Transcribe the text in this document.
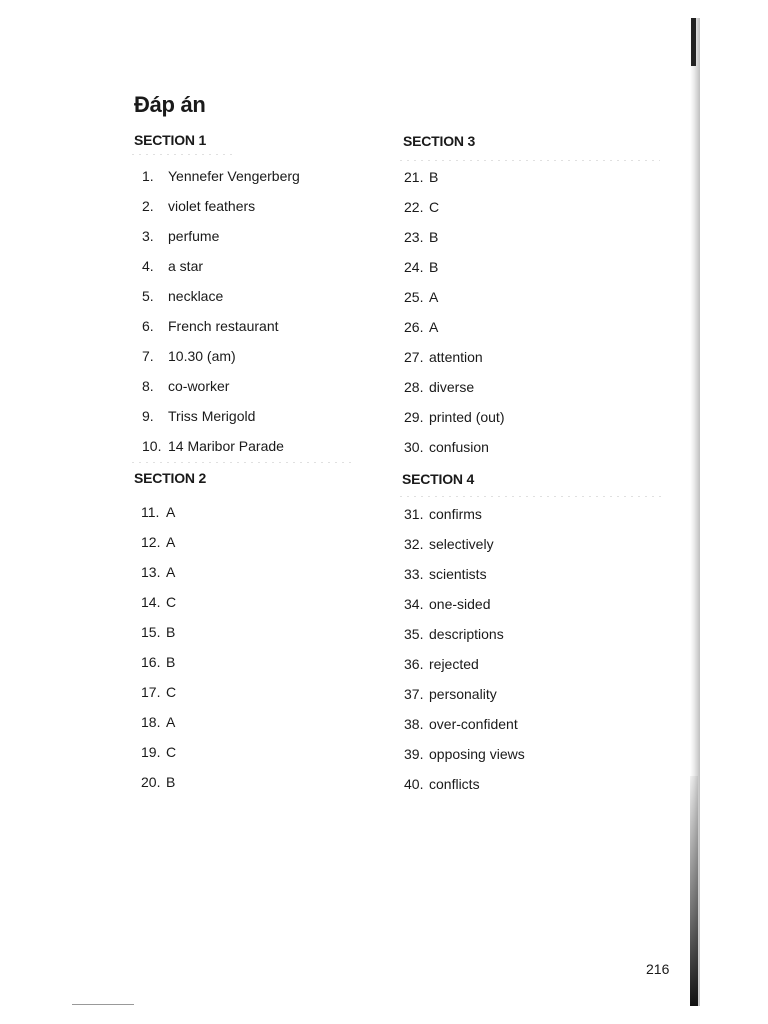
Đáp án
SECTION 1
1.	Yennefer Vengerberg
2.	violet feathers
3.	perfume
4.	a star
5.	necklace
6.	French restaurant
7.	10.30 (am)
8.	co-worker
9.	Triss Merigold
10. 14 Maribor Parade
SECTION 2
11. A
12. A
13. A
14. C
15. B
16. B
17. C
18. A
19. C
20. B
SECTION 3
21. B
22. C
23. B
24. B
25. A
26. A
27. attention
28. diverse
29. printed (out)
30. confusion
SECTION 4
31. confirms
32. selectively
33. scientists
34. one-sided
35. descriptions
36. rejected
37. personality
38. over-confident
39. opposing views
40. conflicts

216
